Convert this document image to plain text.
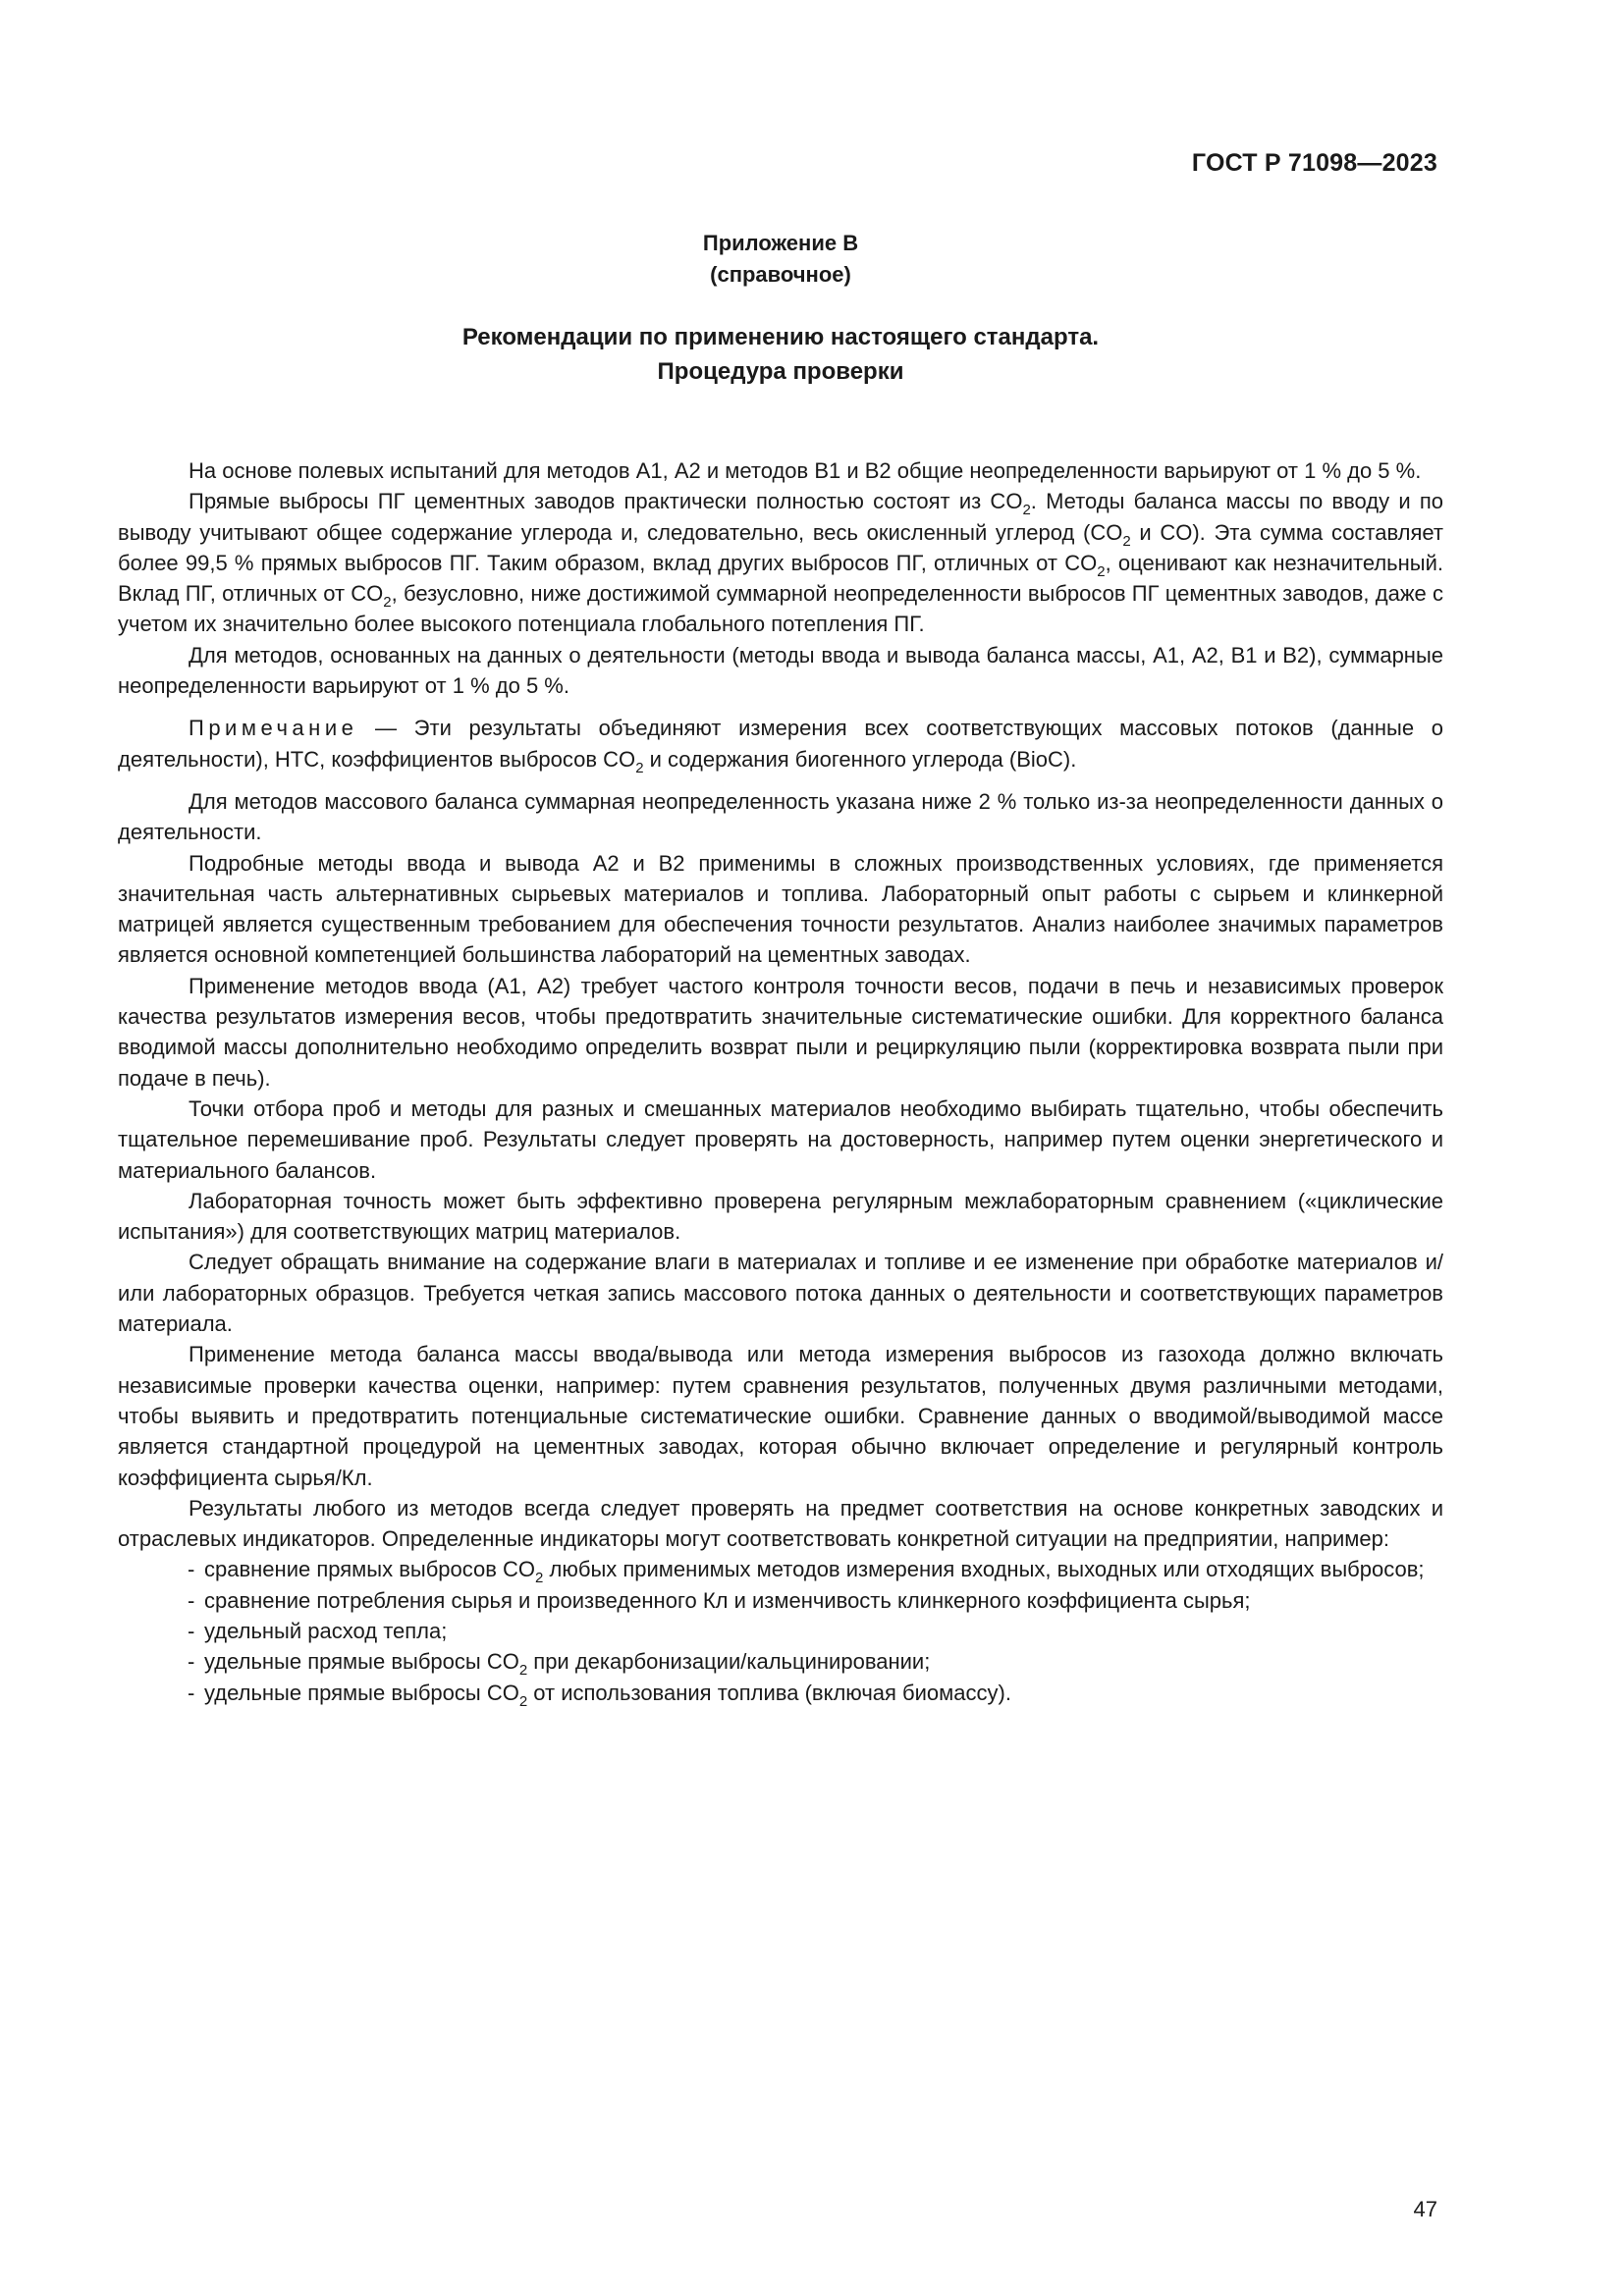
ГОСТ Р 71098—2023
Приложение В
(справочное)
Рекомендации по применению настоящего стандарта.
Процедура проверки

На основе полевых испытаний для методов А1, А2 и методов В1 и В2 общие неопределенности варьируют от 1 % до 5 %.

Прямые выбросы ПГ цементных заводов практически полностью состоят из $CO_2$. Методы баланса массы по вводу и по выводу учитывают общее содержание углерода и, следовательно, весь окисленный углерод ($CO_2$ и CO). Эта сумма составляет более 99,5 % прямых выбросов ПГ. Таким образом, вклад других выбросов ПГ, отличных от $CO_2$, оценивают как незначительный. Вклад ПГ, отличных от $CO_2$, безусловно, ниже достижимой суммарной неопределенности выбросов ПГ цементных заводов, даже с учетом их значительно более высокого потенциала глобального потепления ПГ.

Для методов, основанных на данных о деятельности (методы ввода и вывода баланса массы, А1, А2, В1 и В2), суммарные неопределенности варьируют от 1 % до 5 %.

Примечание — Эти результаты объединяют измерения всех соответствующих массовых потоков (данные о деятельности), НТС, коэффициентов выбросов $CO_2$ и содержания биогенного углерода (BioC).

Для методов массового баланса суммарная неопределенность указана ниже 2 % только из-за неопределенности данных о деятельности.

Подробные методы ввода и вывода А2 и В2 применимы в сложных производственных условиях, где применяется значительная часть альтернативных сырьевых материалов и топлива. Лабораторный опыт работы с сырьем и клинкерной матрицей является существенным требованием для обеспечения точности результатов. Анализ наиболее значимых параметров является основной компетенцией большинства лабораторий на цементных заводах.

Применение методов ввода (А1, А2) требует частого контроля точности весов, подачи в печь и независимых проверок качества результатов измерения весов, чтобы предотвратить значительные систематические ошибки. Для корректного баланса вводимой массы дополнительно необходимо определить возврат пыли и рециркуляцию пыли (корректировка возврата пыли при подаче в печь).

Точки отбора проб и методы для разных и смешанных материалов необходимо выбирать тщательно, чтобы обеспечить тщательное перемешивание проб. Результаты следует проверять на достоверность, например путем оценки энергетического и материального балансов.

Лабораторная точность может быть эффективно проверена регулярным межлабораторным сравнением («циклические испытания») для соответствующих матриц материалов.

Следует обращать внимание на содержание влаги в материалах и топливе и ее изменение при обработке материалов и/или лабораторных образцов. Требуется четкая запись массового потока данных о деятельности и соответствующих параметров материала.

Применение метода баланса массы ввода/вывода или метода измерения выбросов из газохода должно включать независимые проверки качества оценки, например: путем сравнения результатов, полученных двумя различными методами, чтобы выявить и предотвратить потенциальные систематические ошибки. Сравнение данных о вводимой/выводимой массе является стандартной процедурой на цементных заводах, которая обычно включает определение и регулярный контроль коэффициента сырья/Кл.

Результаты любого из методов всегда следует проверять на предмет соответствия на основе конкретных заводских и отраслевых индикаторов. Определенные индикаторы могут соответствовать конкретной ситуации на предприятии, например:

- сравнение прямых выбросов $CO_2$ любых применимых методов измерения входных, выходных или отходящих выбросов;
- сравнение потребления сырья и произведенного Кл и изменчивость клинкерного коэффициента сырья;
- удельный расход тепла;
- удельные прямые выбросы $CO_2$ при декарбонизации/кальцинировании;
- удельные прямые выбросы $CO_2$ от использования топлива (включая биомассу).
47
